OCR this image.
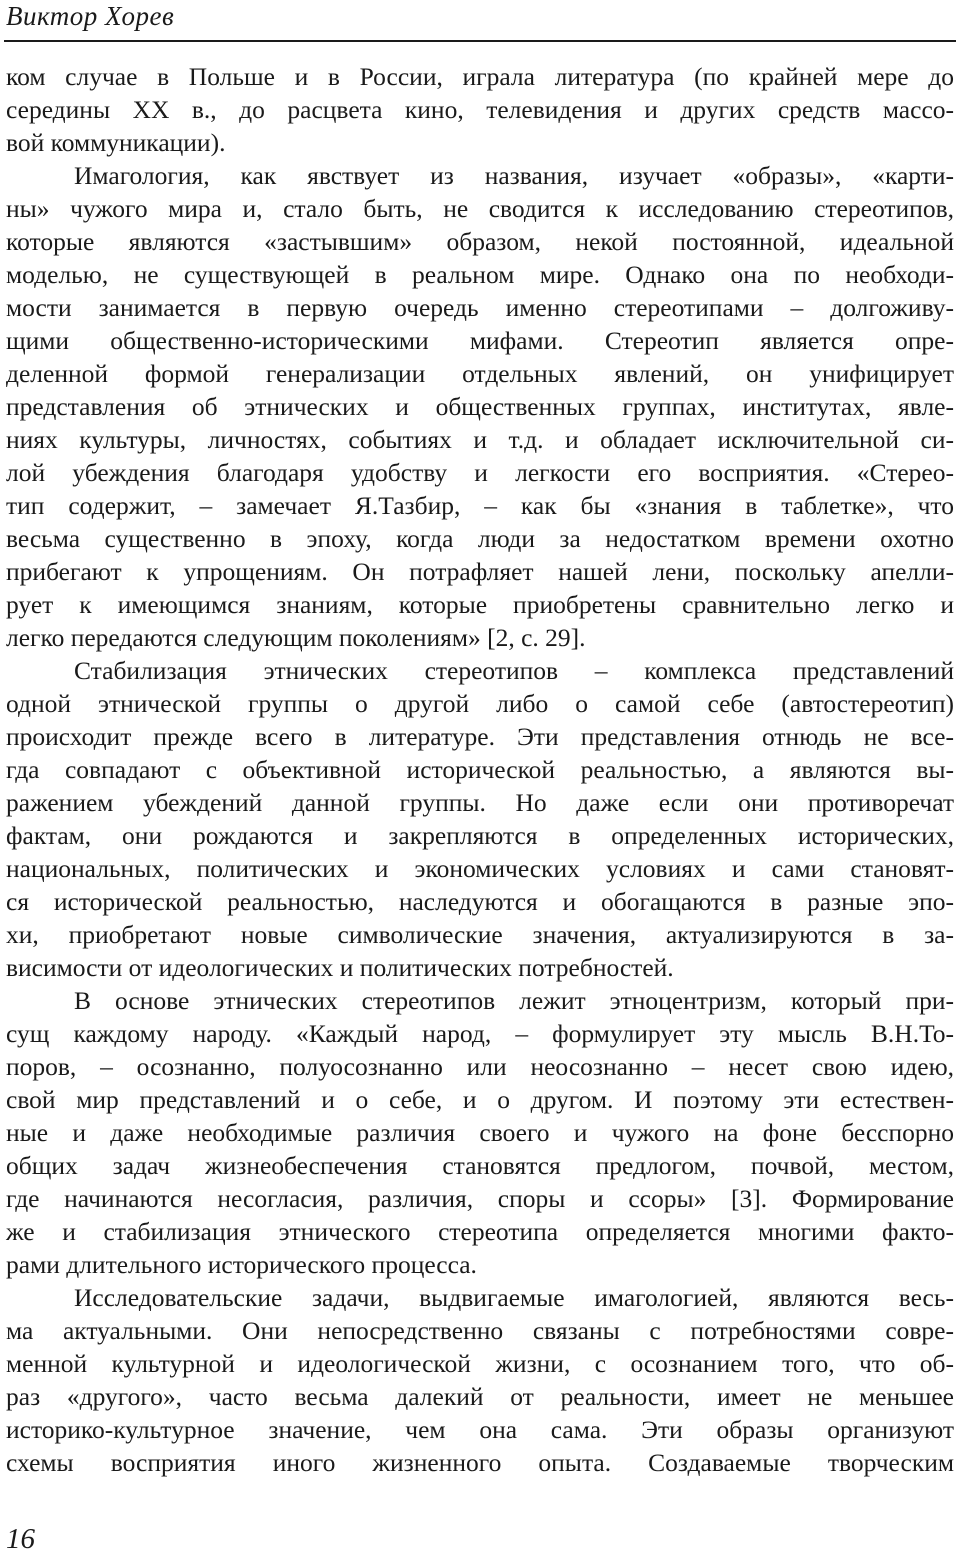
Виктор Хорев
ком случае в Польше и в России, играла литература (по крайней мере до
середины XX в., до расцвета кино, телевидения и других средств массо-
вой коммуникации).
Имагология, как явствует из названия, изучает «образы», «карти-
ны» чужого мира и, стало быть, не сводится к исследованию стереотипов,
которые являются «застывшим» образом, некой постоянной, идеальной
моделью, не существующей в реальном мире. Однако она по необходи-
мости занимается в первую очередь именно стереотипами – долгоживу-
щими общественно-историческими мифами. Стереотип является опре-
деленной формой генерализации отдельных явлений, он унифицирует
представления об этнических и общественных группах, институтах, явле-
ниях культуры, личностях, событиях и т.д. и обладает исключительной си-
лой убеждения благодаря удобству и легкости его восприятия. «Стерео-
тип содержит, – замечает Я.Тазбир, – как бы «знания в таблетке», что
весьма существенно в эпоху, когда люди за недостатком времени охотно
прибегают к упрощениям. Он потрафляет нашей лени, поскольку апелли-
рует к имеющимся знаниям, которые приобретены сравнительно легко и
легко передаются следующим поколениям» [2, с. 29].
Стабилизация этнических стереотипов – комплекса представлений
одной этнической группы о другой либо о самой себе (автостереотип)
происходит прежде всего в литературе. Эти представления отнюдь не все-
гда совпадают с объективной исторической реальностью, а являются вы-
ражением убеждений данной группы. Но даже если они противоречат
фактам, они рождаются и закрепляются в определенных исторических,
национальных, политических и экономических условиях и сами становят-
ся исторической реальностью, наследуются и обогащаются в разные эпо-
хи, приобретают новые символические значения, актуализируются в за-
висимости от идеологических и политических потребностей.
В основе этнических стереотипов лежит этноцентризм, который при-
сущ каждому народу. «Каждый народ, – формулирует эту мысль В.Н.То-
поров, – осознанно, полуосознанно или неосознанно – несет свою идею,
свой мир представлений и о себе, и о другом. И поэтому эти естествен-
ные и даже необходимые различия своего и чужого на фоне бесспорно
общих задач жизнеобеспечения становятся предлогом, почвой, местом,
где начинаются несогласия, различия, споры и ссоры» [3]. Формирование
же и стабилизация этнического стереотипа определяется многими факто-
рами длительного исторического процесса.
Исследовательские задачи, выдвигаемые имагологией, являются весь-
ма актуальными. Они непосредственно связаны с потребностями совре-
менной культурной и идеологической жизни, с осознанием того, что об-
раз «другого», часто весьма далекий от реальности, имеет не меньшее
историко-культурное значение, чем она сама. Эти образы организуют
схемы восприятия иного жизненного опыта. Создаваемые творческим
16
